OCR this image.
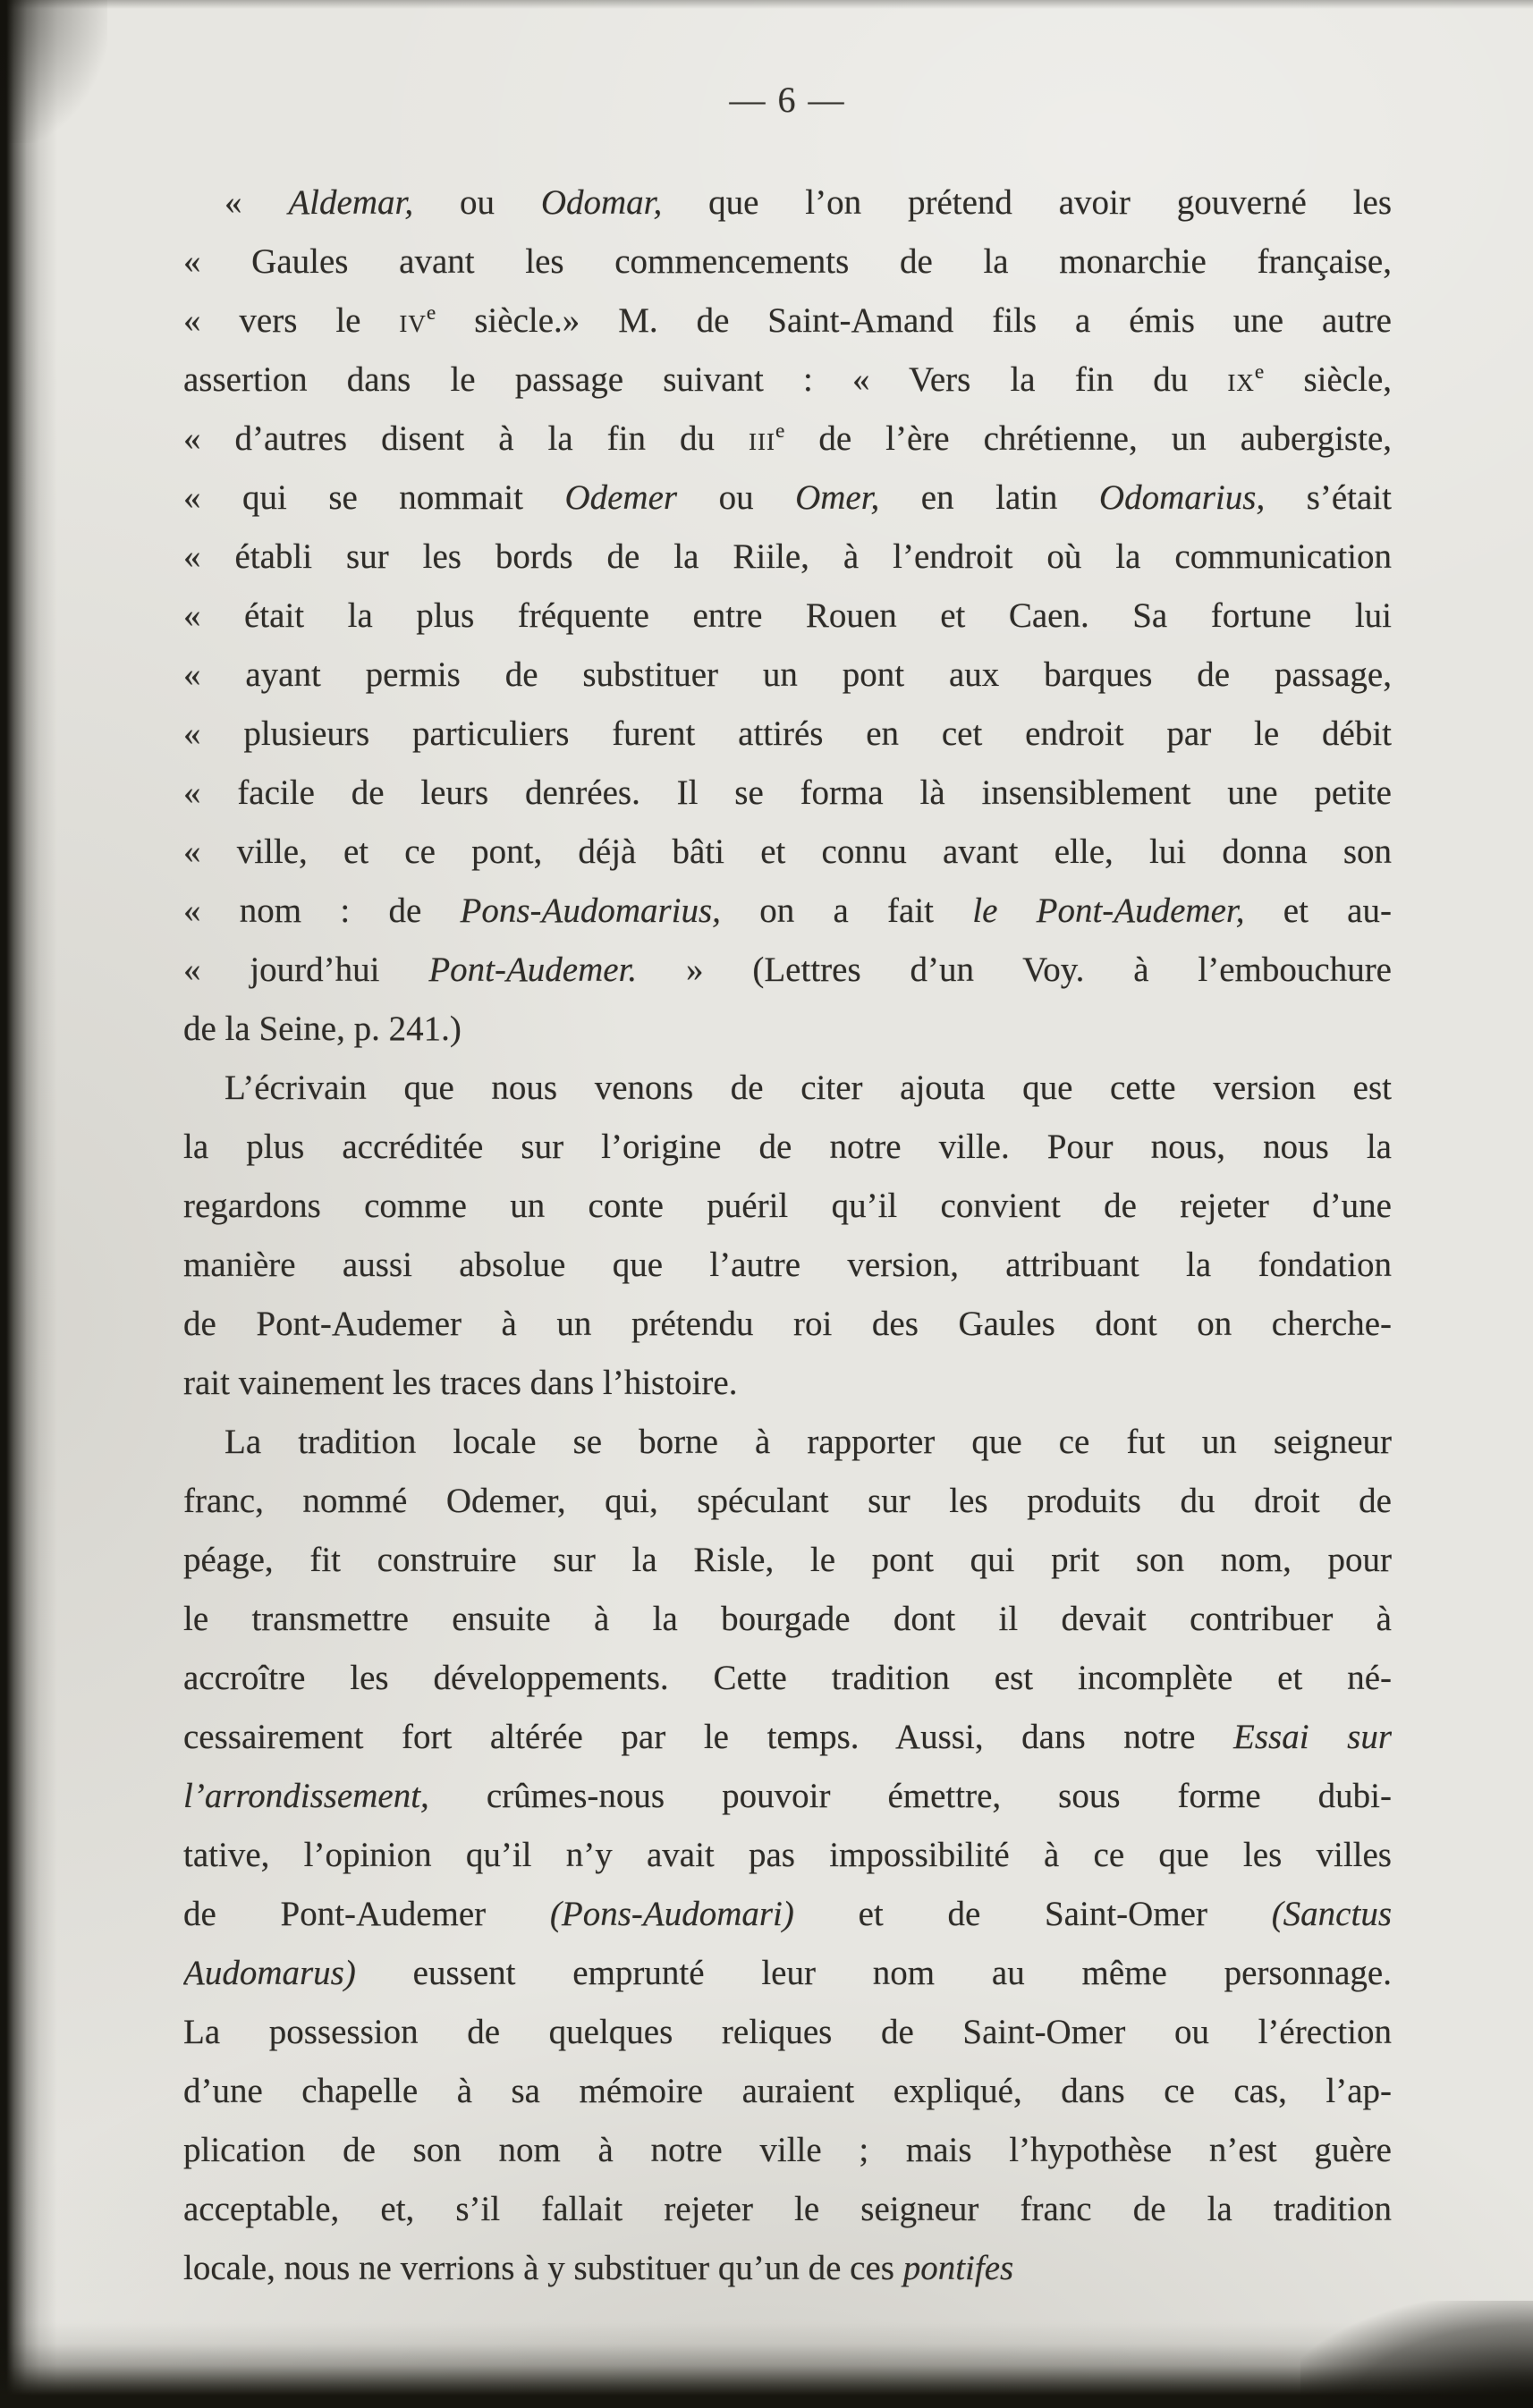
— 6 —
« Aldemar, ou Odomar, que l’on prétend avoir gouverné les
« Gaules avant les commencements de la monarchie française,
« vers le $iv^e$ siècle.» M. de Saint-Amand fils a émis une autre
assertion dans le passage suivant : « Vers la fin du $ix^e$ siècle,
« d’autres disent à la fin du iii$^e$ de l’ère chrétienne, un aubergiste,
« qui se nommait Odemer ou Omer, en latin Odomarius, s’était
« établi sur les bords de la Riile, à l’endroit où la communication
« était la plus fréquente entre Rouen et Caen. Sa fortune lui
« ayant permis de substituer un pont aux barques de passage,
« plusieurs particuliers furent attirés en cet endroit par le débit
« facile de leurs denrées. Il se forma là insensiblement une petite
« ville, et ce pont, déjà bâti et connu avant elle, lui donna son
« nom : de Pons-Audomarius, on a fait le Pont-Audemer, et au-
« jourd’hui Pont-Audemer. » (Lettres d’un Voy. à l’embouchure
de la Seine, p. 241.)
L’écrivain que nous venons de citer ajouta que cette version est
la plus accréditée sur l’origine de notre ville. Pour nous, nous la
regardons comme un conte puéril qu’il convient de rejeter d’une
manière aussi absolue que l’autre version, attribuant la fondation
de Pont-Audemer à un prétendu roi des Gaules dont on cherche-
rait vainement les traces dans l’histoire.
La tradition locale se borne à rapporter que ce fut un seigneur
franc, nommé Odemer, qui, spéculant sur les produits du droit de
péage, fit construire sur la Risle, le pont qui prit son nom, pour
le transmettre ensuite à la bourgade dont il devait contribuer à
accroître les développements. Cette tradition est incomplète et né-
cessairement fort altérée par le temps. Aussi, dans notre Essai sur
l’arrondissement, crûmes-nous pouvoir émettre, sous forme dubi-
tative, l’opinion qu’il n’y avait pas impossibilité à ce que les villes
de Pont-Audemer (Pons-Audomari) et de Saint-Omer (Sanctus
Audomarus) eussent emprunté leur nom au même personnage.
La possession de quelques reliques de Saint-Omer ou l’érection
d’une chapelle à sa mémoire auraient expliqué, dans ce cas, l’ap-
plication de son nom à notre ville ; mais l’hypothèse n’est guère
acceptable, et, s’il fallait rejeter le seigneur franc de la tradition
locale, nous ne verrions à y substituer qu’un de ces pontifes
